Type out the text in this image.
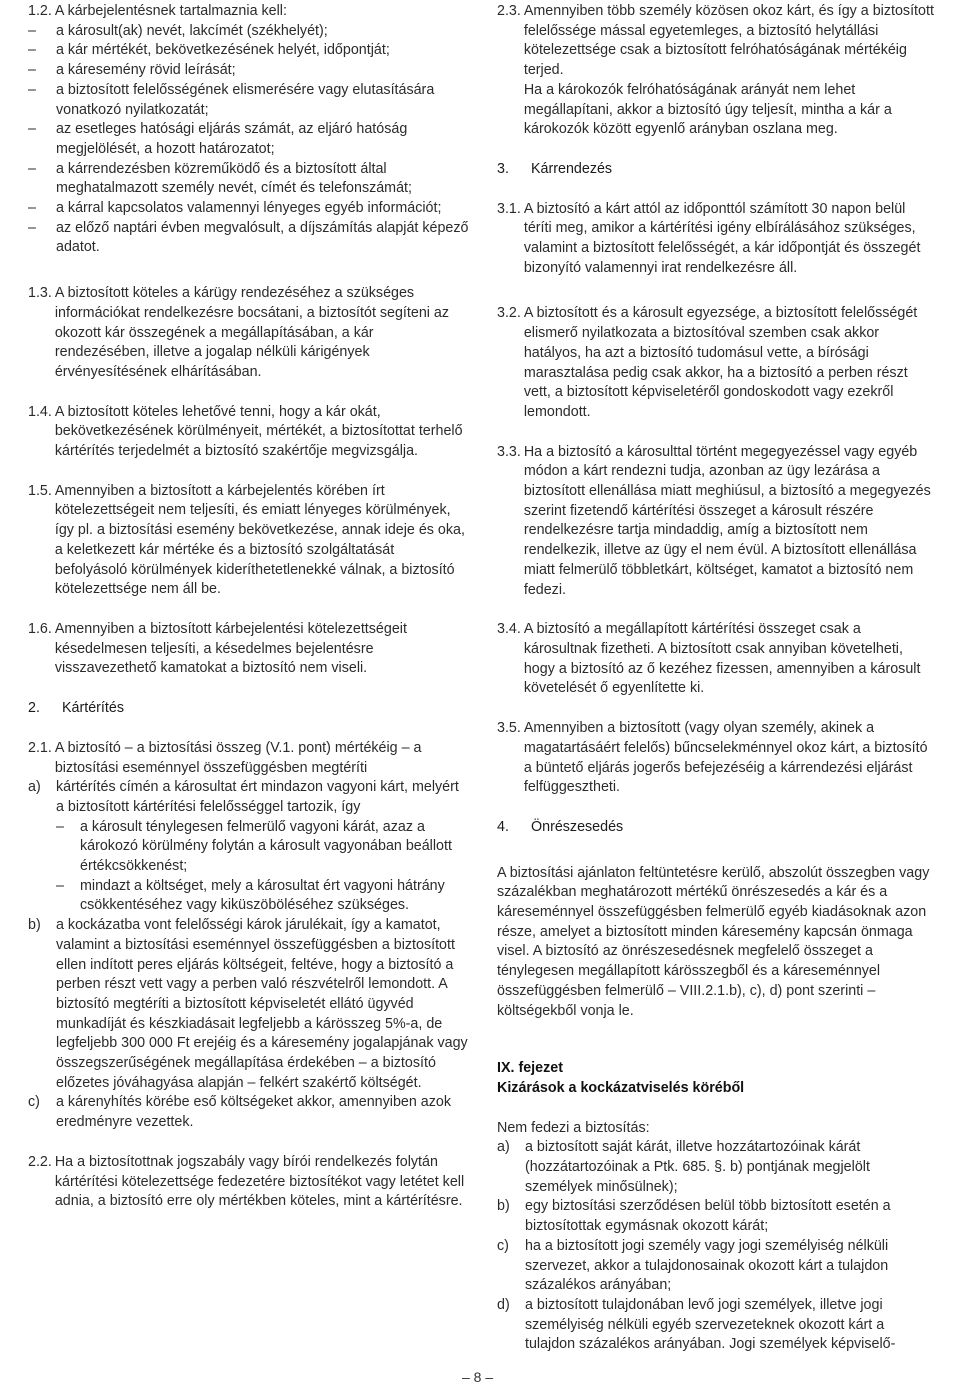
1.2. A kárbejelentésnek tartalmaznia kell:
– a károsult(ak) nevét, lakcímét (székhelyét);
– a kár mértékét, bekövetkezésének helyét, időpontját;
– a káresemény rövid leírását;
– a biztosított felelősségének elismerésére vagy elutasítására vonatkozó nyilatkozatát;
– az esetleges hatósági eljárás számát, az eljáró hatóság megjelölését, a hozott határozatot;
– a kárrendezésben közreműködő és a biztosított által meghatalmazott személy nevét, címét és telefonszámát;
– a kárral kapcsolatos valamennyi lényeges egyéb információt;
– az előző naptári évben megvalósult, a díjszámítás alapját képező adatot.
1.3. A biztosított köteles a kárügy rendezéséhez a szükséges információkat rendelkezésre bocsátani, a biztosítót segíteni az okozott kár összegének a megállapításában, a kár rendezésében, illetve a jogalap nélküli kárigények érvényesítésének elhárításában.
1.4. A biztosított köteles lehetővé tenni, hogy a kár okát, bekövetkezésének körülményeit, mértékét, a biztosítottat terhelő kártérítés terjedelmét a biztosító szakértője megvizsgálja.
1.5. Amennyiben a biztosított a kárbejelentés körében írt kötelezettségeit nem teljesíti, és emiatt lényeges körülmények, így pl. a biztosítási esemény bekövetkezése, annak ideje és oka, a keletkezett kár mértéke és a biztosító szolgáltatását befolyásoló körülmények kideríthetetlenekké válnak, a biztosító kötelezettsége nem áll be.
1.6. Amennyiben a biztosított kárbejelentési kötelezettségeit késedelmesen teljesíti, a késedelmes bejelentésre visszavezethető kamatokat a biztosító nem viseli.
2.	Kártérítés
2.1. A biztosító – a biztosítási összeg (V.1. pont) mértékéig – a biztosítási eseménnyel összefüggésben megtéríti
a)	kártérítés címén a károsultat ért mindazon vagyoni kárt, melyért a biztosított kártérítési felelősséggel tartozik, így
– a károsult ténylegesen felmerülő vagyoni kárát, azaz a károkozó körülmény folytán a károsult vagyonában beállott értékcsökkenést;
– mindazt a költséget, mely a károsultat ért vagyoni hátrány csökkentéséhez vagy kiküszöböléséhez szükséges.
b)	a kockázatba vont felelősségi károk járulékait, így a kamatot, valamint a biztosítási eseménnyel összefüggésben a biztosított ellen indított peres eljárás költségeit, feltéve, hogy a biztosító a perben részt vett vagy a perben való részvételről lemondott. A biztosító megtéríti a biztosított képviseletét ellátó ügyvéd munkadíját és készkiadásait legfeljebb a kárösszeg 5%-a, de legfeljebb 300 000 Ft erejéig és a káresemény jogalapjának vagy összegszerűségének megállapítása érdekében – a biztosító előzetes jóváhagyása alapján – felkért szakértő költségét.
c)	a kárenyhítés körébe eső költségeket akkor, amennyiben azok eredményre vezettek.
2.2. Ha a biztosítottnak jogszabály vagy bírói rendelkezés folytán kártérítési kötelezettsége fedezetére biztosítékot vagy letétet kell adnia, a biztosító erre oly mértékben köteles, mint a kártérítésre.
2.3. Amennyiben több személy közösen okoz kárt, és így a biztosított felelőssége mással egyetemleges, a biztosító helytállási kötelezettsége csak a biztosított felróhatóságának mértékéig terjed.
Ha a károkozók felróhatóságának arányát nem lehet megállapítani, akkor a biztosító úgy teljesít, mintha a kár a károkozók között egyenlő arányban oszlana meg.
3.	Kárrendezés
3.1. A biztosító a kárt attól az időponttól számított 30 napon belül téríti meg, amikor a kártérítési igény elbírálásához szükséges, valamint a biztosított felelősségét, a kár időpontját és összegét bizonyító valamennyi irat rendelkezésre áll.
3.2. A biztosított és a károsult egyezsége, a biztosított felelősségét elismerő nyilatkozata a biztosítóval szemben csak akkor hatályos, ha azt a biztosító tudomásul vette, a bírósági marasztalása pedig csak akkor, ha a biztosító a perben részt vett, a biztosított képviseletéről gondoskodott vagy ezekről lemondott.
3.3. Ha a biztosító a károsulttal történt megegyezéssel vagy egyéb módon a kárt rendezni tudja, azonban az ügy lezárása a biztosított ellenállása miatt meghiúsul, a biztosító a megegyezés szerint fizetendő kártérítési összeget a károsult részére rendelkezésre tartja mindaddig, amíg a biztosított nem rendelkezik, illetve az ügy el nem évül. A biztosított ellenállása miatt felmerülő többletkárt, költséget, kamatot a biztosító nem fedezi.
3.4. A biztosító a megállapított kártérítési összeget csak a károsultnak fizetheti. A biztosított csak annyiban követelheti, hogy a biztosító az ő kezéhez fizessen, amennyiben a károsult követelését ő egyenlítette ki.
3.5. Amennyiben a biztosított (vagy olyan személy, akinek a magatartásáért felelős) bűncselekménnyel okoz kárt, a biztosító a büntető eljárás jogerős befejezéséig a kárrendezési eljárást felfüggesztheti.
4.	Önrészesedés

A biztosítási ajánlaton feltüntetésre kerülő, abszolút összegben vagy százalékban meghatározott mértékű önrészesedés a kár és a káreseménnyel összefüggésben felmerülő egyéb kiadásoknak azon része, amelyet a biztosított minden káresemény kapcsán önmaga visel. A biztosító az önrészesedésnek megfelelő összeget a ténylegesen megállapított kárösszegből és a káreseménnyel összefüggésben felmerülő – VIII.2.1.b), c), d) pont szerinti – költségekből vonja le.

IX. fejezet
Kizárások a kockázatviselés köréből
Nem fedezi a biztosítás:
a)	a biztosított saját kárát, illetve hozzátartozóinak kárát (hozzátartozóinak a Ptk. 685. §. b) pontjának megjelölt személyek minősülnek);
b)	egy biztosítási szerződésen belül több biztosított esetén a biztosítottak egymásnak okozott kárát;
c)	ha a biztosított jogi személy vagy jogi személyiség nélküli szervezet, akkor a tulajdonosainak okozott kárt a tulajdon százalékos arányában;
d)	a biztosított tulajdonában levő jogi személyek, illetve jogi személyiség nélküli egyéb szervezeteknek okozott kárt a tulajdon százalékos arányában. Jogi személyek képviselő-
– 8 –
